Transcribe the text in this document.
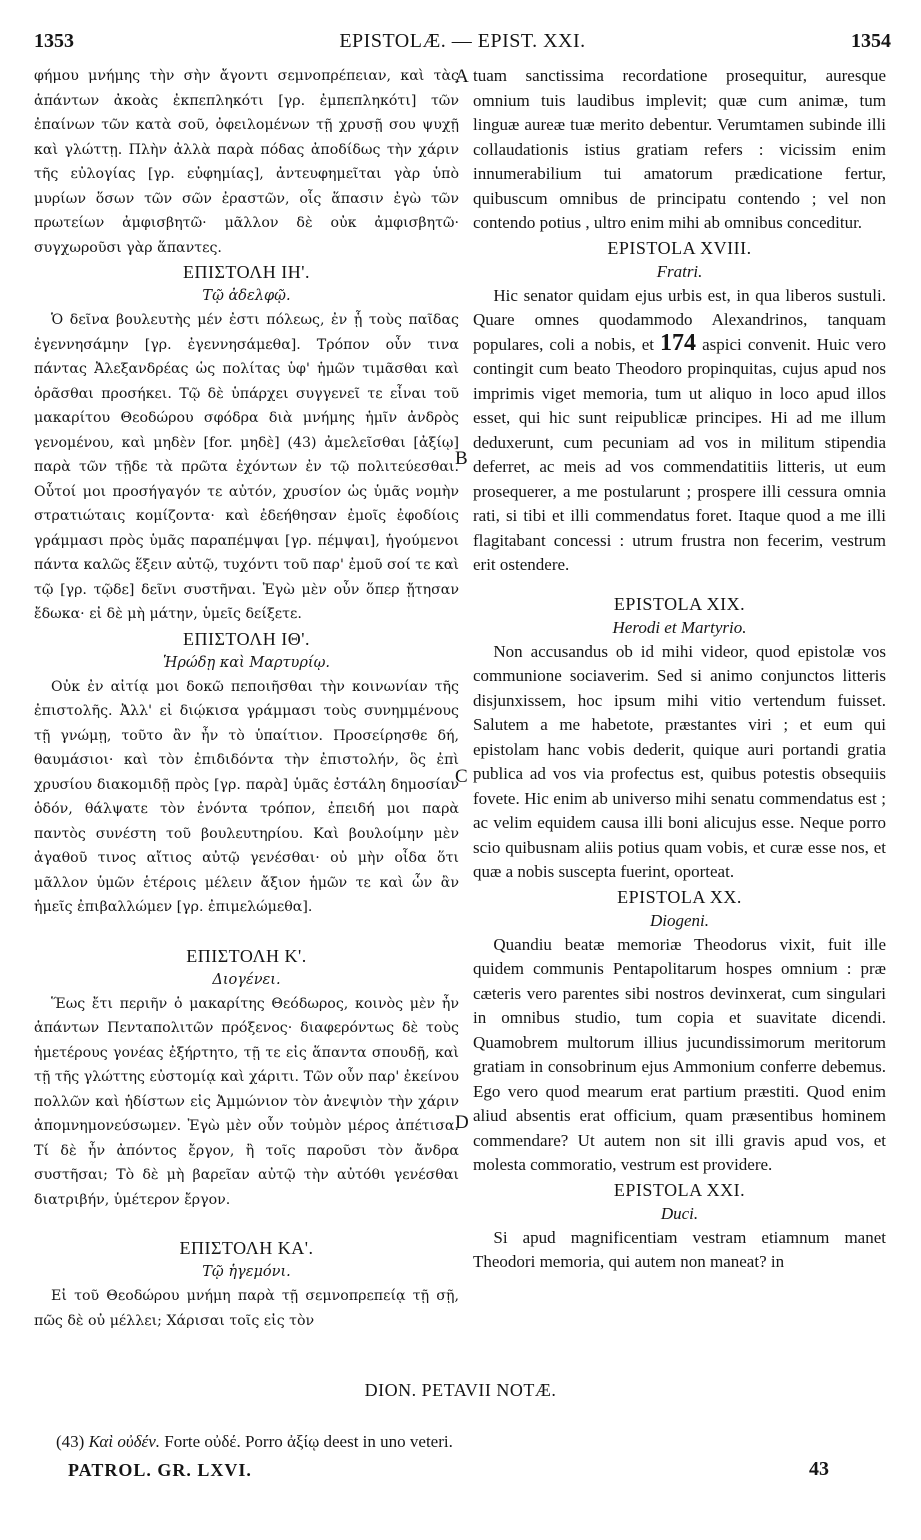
1353	EPISTOLÆ. — EPIST. XXI.	1354

φήμου μνήμης τὴν σὴν ἄγοντι σεμνοπρέπειαν, καὶ τὰς ἁπάντων ἀκοὰς ἐκπεπληκότι [γρ. ἐμπεπληκότι] τῶν ἐπαίνων τῶν κατὰ σοῦ, ὀφειλομένων τῇ χρυσῇ σου ψυχῇ καὶ γλώττῃ. Πλὴν ἀλλὰ παρὰ πόδας ἀποδίδως τὴν χάριν τῆς εὐλογίας [γρ. εὐφημίας], ἀντευφημεῖται γὰρ ὑπὸ μυρίων ὅσων τῶν σῶν ἐραστῶν, οἷς ἅπασιν ἐγὼ τῶν πρωτείων ἀμφισβητῶ· μᾶλλον δὲ οὐκ ἀμφισβητῶ· συγχωροῦσι γὰρ ἅπαντες.

ΕΠΙΣΤΟΛΗ ΙΗ'.
Τῷ ἀδελφῷ.

Ὁ δεῖνα βουλευτὴς μέν ἐστι πόλεως, ἐν ᾗ τοὺς παῖδας ἐγεννησάμην [γρ. ἐγεννησάμεθα]. Τρόπον οὖν τινα πάντας Ἀλεξανδρέας ὡς πολίτας ὑφ' ἡμῶν τιμᾶσθαι καὶ ὁρᾶσθαι προσήκει. Τῷ δὲ ὑπάρχει συγγενεῖ τε εἶναι τοῦ μακαρίτου Θεοδώρου σφόδρα διὰ μνήμης ἡμῖν ἀνδρὸς γενομένου, καὶ μηδὲν [for. μηδὲ] (43) ἀμελεῖσθαι [ἀξίῳ] παρὰ τῶν τῇδε τὰ πρῶτα ἐχόντων ἐν τῷ πολιτεύεσθαι. Οὗτοί μοι προσήγαγόν τε αὐτόν, χρυσίον ὡς ὑμᾶς νομὴν στρατιώταις κομίζοντα· καὶ ἐδεήθησαν ἐμοῖς ἐφοδίοις γράμμασι πρὸς ὑμᾶς παραπέμψαι [γρ. πέμψαι], ἡγούμενοι πάντα καλῶς ἕξειν αὐτῷ, τυχόντι τοῦ παρ' ἐμοῦ σοί τε καὶ τῷ [γρ. τῷδε] δεῖνι συστῆναι. Ἐγὼ μὲν οὖν ὅπερ ᾔτησαν ἔδωκα· εἰ δὲ μὴ μάτην, ὑμεῖς δείξετε.

ΕΠΙΣΤΟΛΗ ΙΘ'.
Ἡρώδῃ καὶ Μαρτυρίῳ.

Οὐκ ἐν αἰτίᾳ μοι δοκῶ πεποιῆσθαι τὴν κοινωνίαν τῆς ἐπιστολῆς. Ἀλλ' εἰ διῴκισα γράμμασι τοὺς συνημμένους τῇ γνώμῃ, τοῦτο ἂν ἦν τὸ ὑπαίτιον. Προσείρησθε δή, θαυμάσιοι· καὶ τὸν ἐπιδιδόντα τὴν ἐπιστολήν, ὃς ἐπὶ χρυσίου διακομιδῇ πρὸς [γρ. παρὰ] ὑμᾶς ἐστάλη δημοσίαν ὁδόν, θάλψατε τὸν ἐνόντα τρόπον, ἐπειδή μοι παρὰ παντὸς συνέστη τοῦ βουλευτηρίου. Καὶ βουλοίμην μὲν ἀγαθοῦ τινος αἴτιος αὐτῷ γενέσθαι· οὐ μὴν οἶδα ὅτι μᾶλλον ὑμῶν ἑτέροις μέλειν ἄξιον ἡμῶν τε καὶ ὧν ἂν ἡμεῖς ἐπιβαλλώμεν [γρ. ἐπιμελώμεθα].

ΕΠΙΣΤΟΛΗ Κ'.
Διογένει.

Ἕως ἔτι περιῆν ὁ μακαρίτης Θεόδωρος, κοινὸς μὲν ἦν ἁπάντων Πενταπολιτῶν πρόξενος· διαφερόντως δὲ τοὺς ἡμετέρους γονέας ἐξήρτητο, τῇ τε εἰς ἅπαντα σπουδῇ, καὶ τῇ τῆς γλώττης εὐστομίᾳ καὶ χάριτι. Τῶν οὖν παρ' ἐκείνου πολλῶν καὶ ἡδίστων εἰς Ἀμμώνιον τὸν ἀνεψιὸν τὴν χάριν ἀπομνημονεύσωμεν. Ἐγὼ μὲν οὖν τοὐμὸν μέρος ἀπέτισα. Τί δὲ ἦν ἀπόντος ἔργον, ἢ τοῖς παροῦσι τὸν ἄνδρα συστῆσαι; Τὸ δὲ μὴ βαρεῖαν αὐτῷ τὴν αὐτόθι γενέσθαι διατριβήν, ὑμέτερον ἔργον.

ΕΠΙΣΤΟΛΗ ΚΑ'.
Τῷ ἡγεμόνι.

Εἰ τοῦ Θεοδώρου μνήμη παρὰ τῇ σεμνοπρεπείᾳ τῇ σῇ, πῶς δὲ οὐ μέλλει; Χάρισαι τοῖς εἰς τὸν

A
B
C
D

tuam sanctissima recordatione prosequitur, auresque omnium tuis laudibus implevit; quæ cum animæ, tum linguæ aureæ tuæ merito debentur. Verumtamen subinde illi collaudationis istius gratiam refers : vicissim enim innumerabilium tui amatorum prædicatione fertur, quibuscum omnibus de principatu contendo ; vel non contendo potius , ultro enim mihi ab omnibus conceditur.

EPISTOLA XVIII.
Fratri.

Hic senator quidam ejus urbis est, in qua liberos sustuli. Quare omnes quodammodo Alexandrinos, tanquam populares, coli a nobis, et 174 aspici convenit. Huic vero contingit cum beato Theodoro propinquitas, cujus apud nos imprimis viget memoria, tum ut aliquo in loco apud illos esset, qui hic sunt reipublicæ principes. Hi ad me illum deduxerunt, cum pecuniam ad vos in militum stipendia deferret, ac meis ad vos commendatitiis litteris, ut eum prosequerer, a me postularunt ; prospere illi cessura omnia rati, si tibi et illi commendatus foret. Itaque quod a me illi flagitabant concessi : utrum frustra non fecerim, vestrum erit ostendere.

EPISTOLA XIX.
Herodi et Martyrio.

Non accusandus ob id mihi videor, quod epistolæ vos communione sociaverim. Sed si animo conjunctos litteris disjunxissem, hoc ipsum mihi vitio vertendum fuisset. Salutem a me habetote, præstantes viri ; et eum qui epistolam hanc vobis dederit, quique auri portandi gratia publica ad vos via profectus est, quibus potestis obsequiis fovete. Hic enim ab universo mihi senatu commendatus est ; ac velim equidem causa illi boni alicujus esse. Neque porro scio quibusnam aliis potius quam vobis, et curæ esse nos, et quæ a nobis suscepta fuerint, oporteat.

EPISTOLA XX.
Diogeni.

Quandiu beatæ memoriæ Theodorus vixit, fuit ille quidem communis Pentapolitarum hospes omnium : præ cæteris vero parentes sibi nostros devinxerat, cum singulari in omnibus studio, tum copia et suavitate dicendi. Quamobrem multorum illius jucundissimorum meritorum gratiam in consobrinum ejus Ammonium conferre debemus. Ego vero quod mearum erat partium præstiti. Quod enim aliud absentis erat officium, quam præsentibus hominem commendare? Ut autem non sit illi gravis apud vos, et molesta commoratio, vestrum est providere.

EPISTOLA XXI.
Duci.

Si apud magnificentiam vestram etiamnum manet Theodori memoria, qui autem non maneat? in

DION. PETAVII NOTÆ.
(43) Καὶ οὐδέν. Forte οὐδέ. Porro ἀξίῳ deest in uno veteri.
PATROL. GR. LXVI.	43
